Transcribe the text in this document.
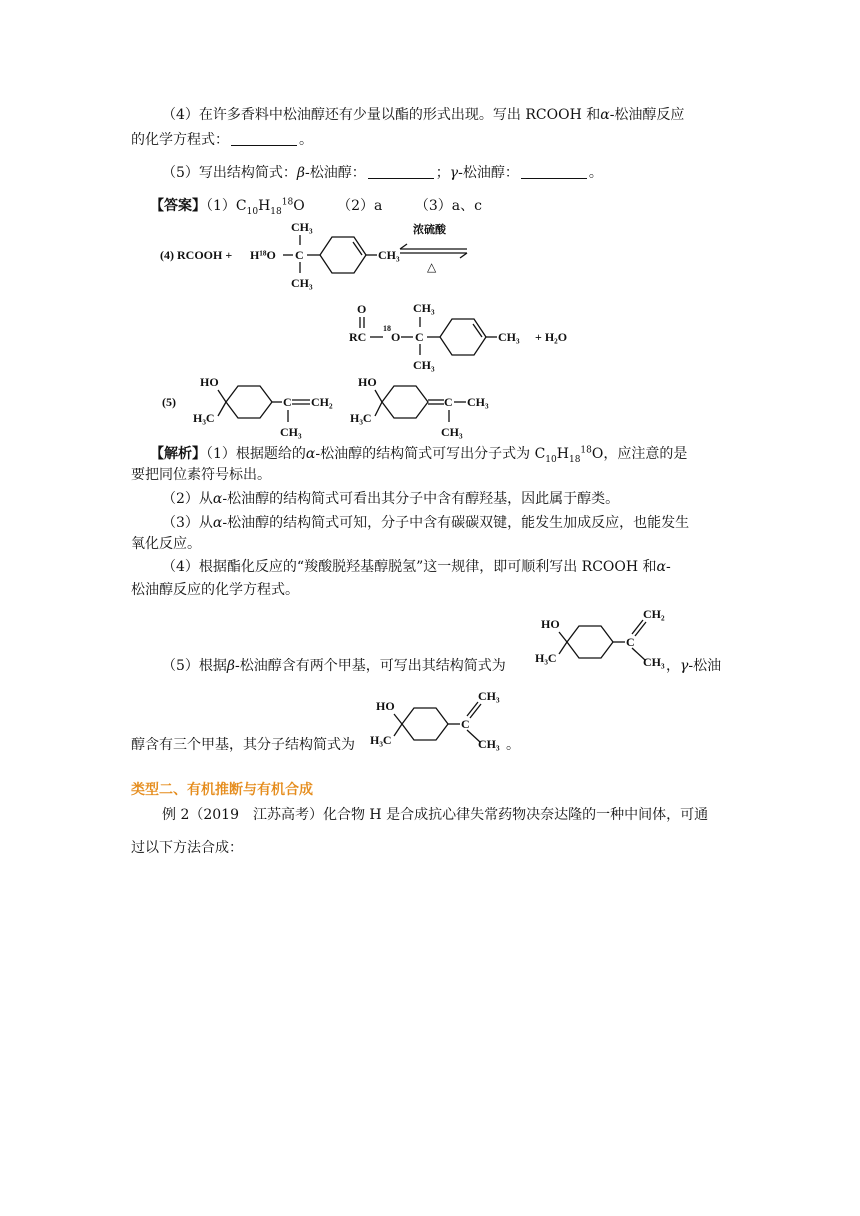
（4）在许多香料中松油醇还有少量以酯的形式出现。写出 RCOOH 和α-松油醇反应
的化学方程式：	。
（5）写出结构简式：β-松油醇：	；γ-松油醇：	。
【答案】$(1)C_{10}H_{18}^{18}O$ （2）a （3）a、c
(4) RCOOH + H¹⁸O C
CH₃
CH₃
CH₃
浓硫酸
△
O
RC
18
O C
CH₃
CH₃
CH₃ + H₂O
(5)
HO
H₃C
C CH₂
CH₃
HO
H₃C
C CH₃
CH₃
【解析】（1）根据题给的α-松油醇的结构简式可写出分子式为 $C_{10}H_{18}^{18}O$，应注意的是
要把同位素符号标出。
（2）从α-松油醇的结构简式可看出其分子中含有醇羟基，因此属于醇类。
（3）从α-松油醇的结构简式可知，分子中含有碳碳双键，能发生加成反应，也能发生
氧化反应。
（4）根据酯化反应的“羧酸脱羟基醇脱氢”这一规律，即可顺利写出 RCOOH 和α-
松油醇反应的化学方程式。
HO
H₃C
C
CH₂
CH₃
（5）根据β-松油醇含有两个甲基，可写出其结构简式为	，γ-松油
HO
H₃C
C
CH₃
CH₃
醇含有三个甲基，其分子结构简式为	。
类型二、有机推断与有机合成
例 2（2019　江苏高考）化合物 H 是合成抗心律失常药物决奈达隆的一种中间体，可通
过以下方法合成：
